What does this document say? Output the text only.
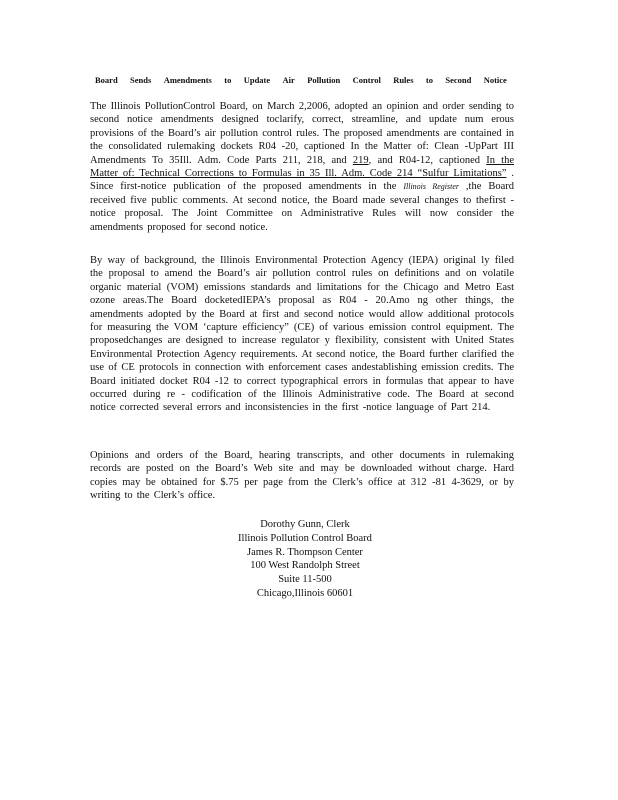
Board Sends Amendments to Update Air Pollution Control Rules to Second Notice

The Illinois PollutionControl Board, on March 2,2006, adopted an opinion and order sending to second notice amendments designed toclarify, correct, streamline, and update num erous provisions of the Board’s air pollution control rules. The proposed amendments are contained in the consolidated rulemaking dockets R04 -20, captioned In the Matter of: Clean -UpPart III Amendments To 35Ill. Adm. Code Parts 211, 218, and 219, and R04-12, captioned In the Matter of: Technical Corrections to Formulas in 35 Ill. Adm. Code 214 “Sulfur Limitations” . Since first-notice publication of the proposed amendments in the Illinois Register ,the Board received five public comments. At second notice, the Board made several changes to thefirst - notice proposal. The Joint Committee on Administrative Rules will now consider the amendments proposed for second notice.

By way of background, the Illinois Environmental Protection Agency (IEPA) original ly filed the proposal to amend the Board’s air pollution control rules on definitions and on volatile organic material (VOM) emissions standards and limitations for the Chicago and Metro East ozone areas.The Board docketedIEPA’s proposal as R04 - 20.Amo ng other things, the amendments adopted by the Board at first and second notice would allow additional protocols for measuring the VOM ‘capture efficiency” (CE) of various emission control equipment. The proposedchanges are designed to increase regulator y flexibility, consistent with United States Environmental Protection Agency requirements. At second notice, the Board further clarified the use of CE protocols in connection with enforcement cases andestablishing emission credits. The Board initiated docket R04 -12 to correct typographical errors in formulas that appear to have occurred during re - codification of the Illinois Administrative code. The Board at second notice corrected several errors and inconsistencies in the first -notice language of Part 214.

Opinions and orders of the Board, hearing transcripts, and other documents in rulemaking records are posted on the Board’s Web site and may be downloaded without charge. Hard copies may be obtained for $.75 per page from the Clerk’s office at 312 -81 4-3629, or by writing to the Clerk’s office.

Dorothy Gunn, Clerk
Illinois Pollution Control Board
James R. Thompson Center
100 West Randolph Street
Suite 11-500
Chicago,Illinois 60601
